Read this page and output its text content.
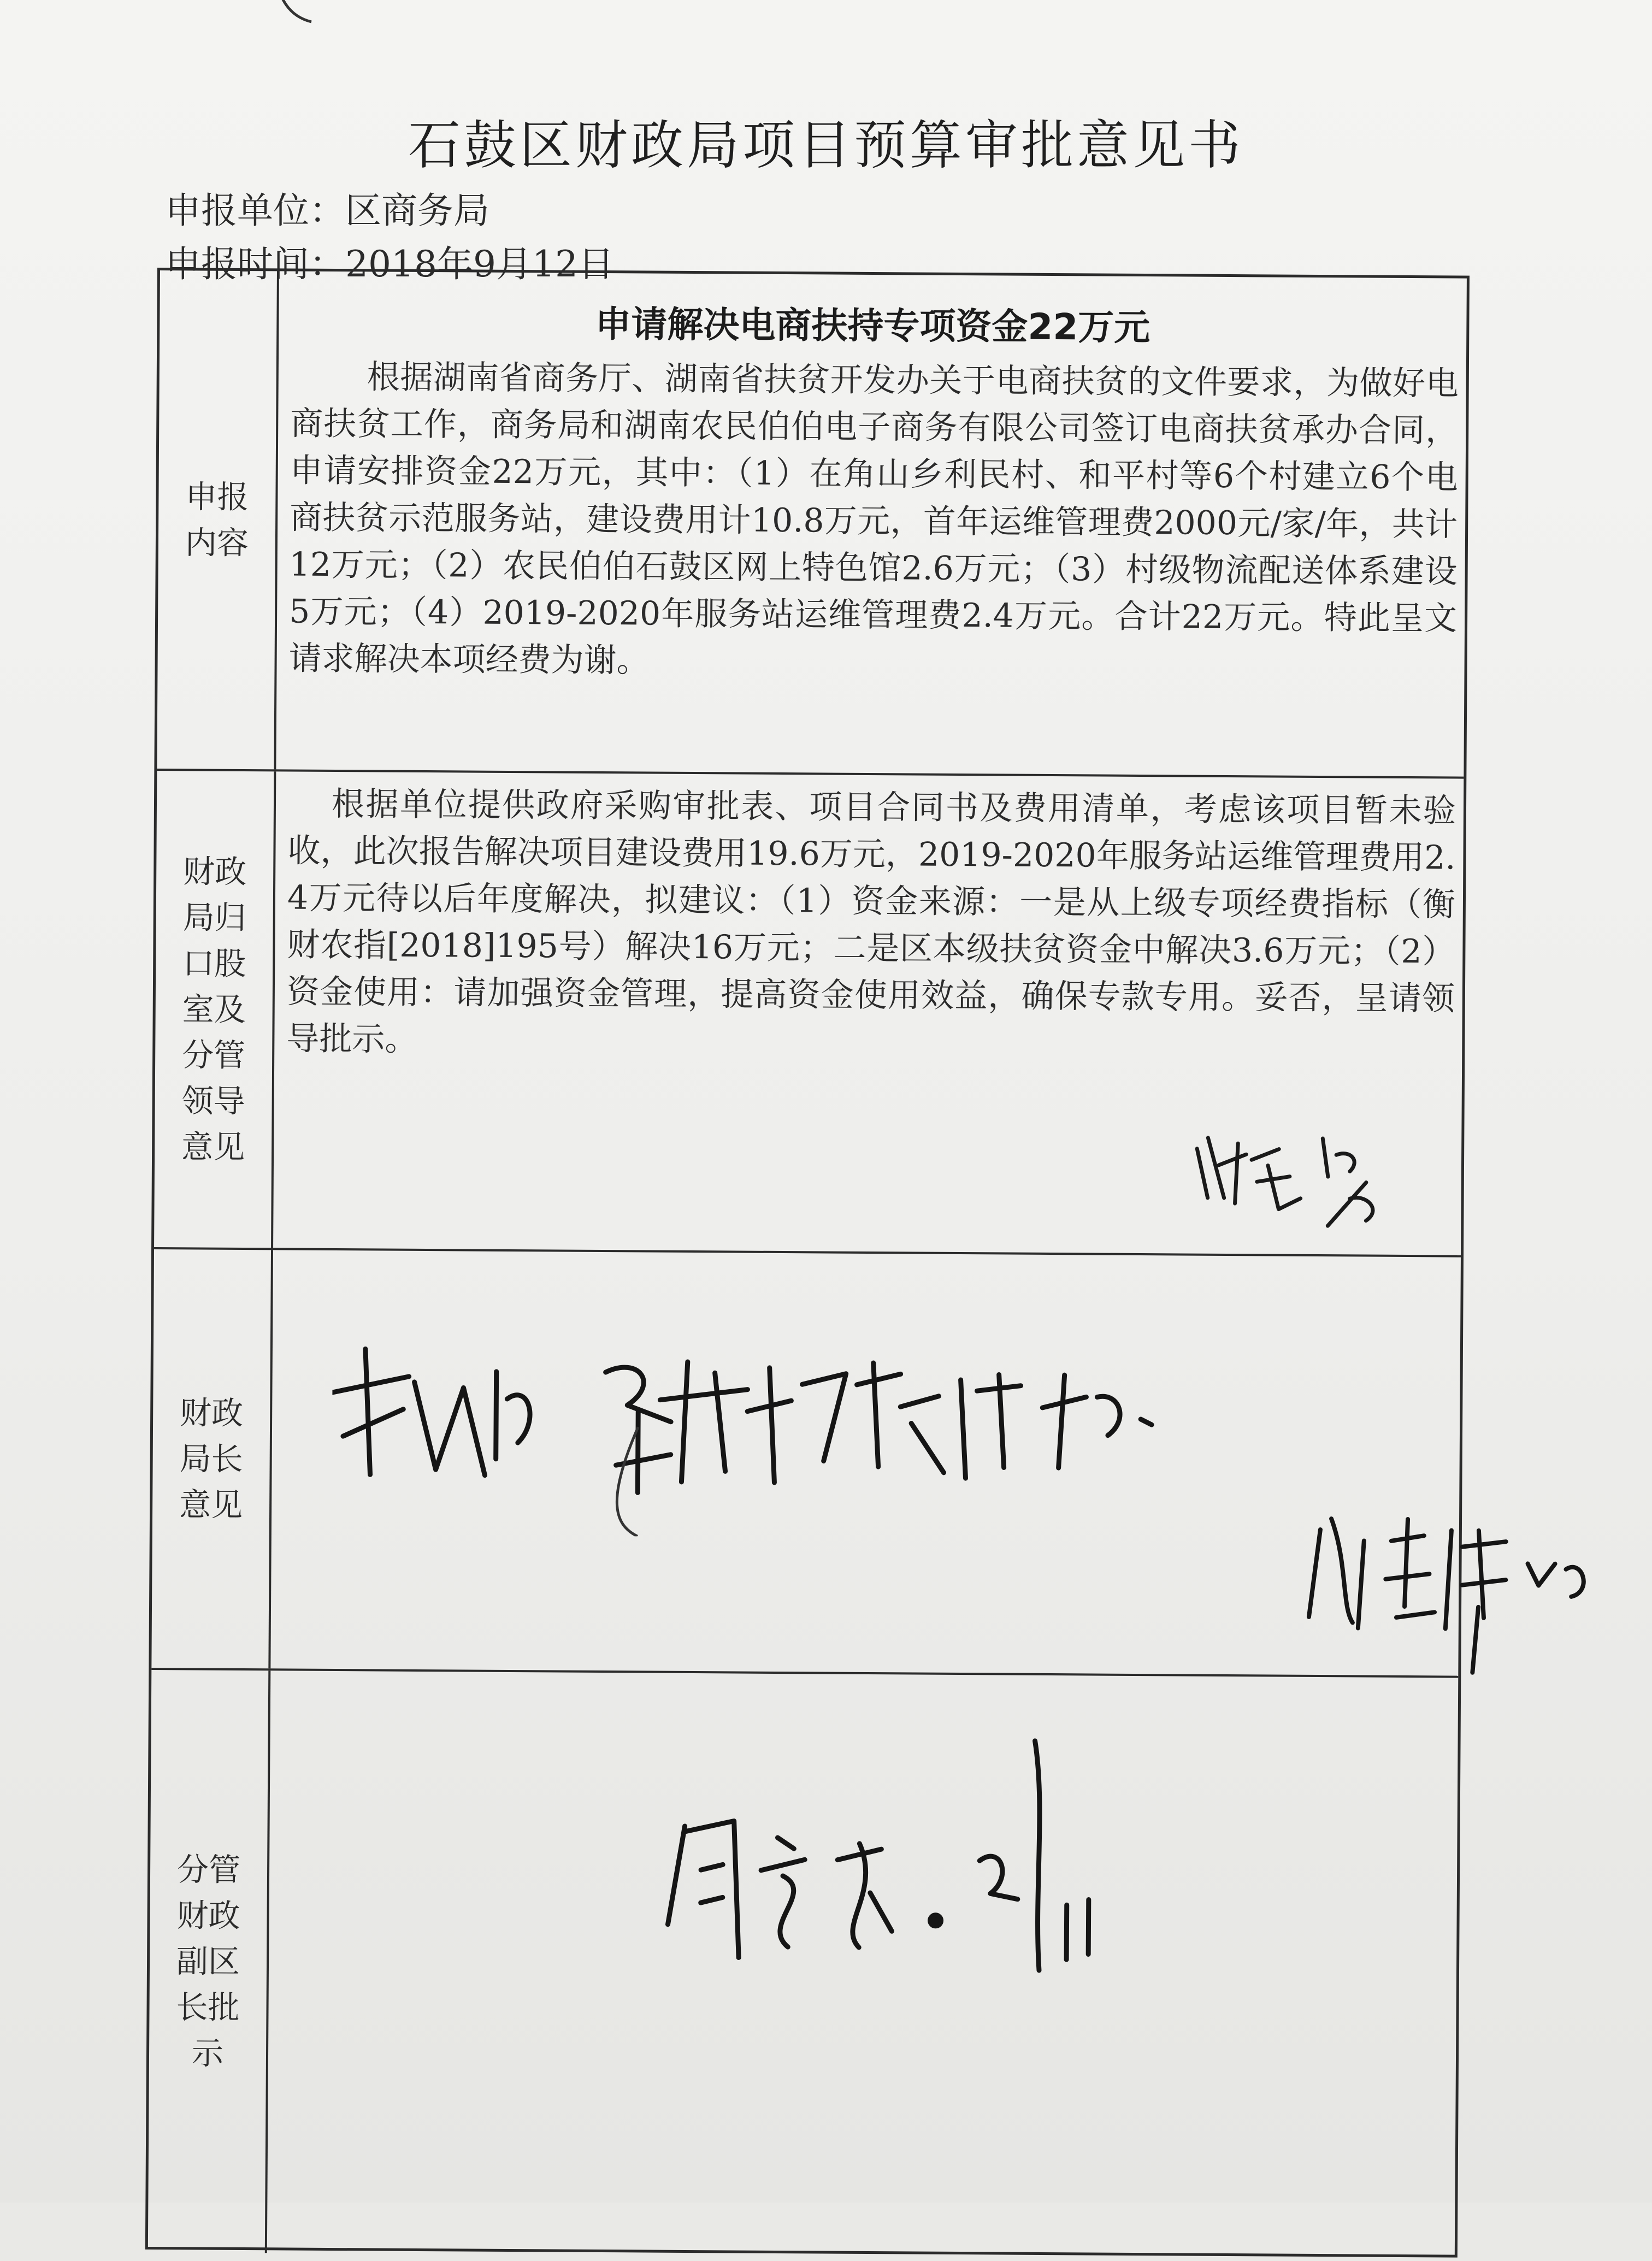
石鼓区财政局项目预算审批意见书
申报单位：区商务局
申报时间：2018年9月12日
申报内容
申请解决电商扶持专项资金22万元
根据湖南省商务厅、湖南省扶贫开发办关于电商扶贫的文件要求，为做好电商扶贫工作，商务局和湖南农民伯伯电子商务有限公司签订电商扶贫承办合同，申请安排资金22万元，其中：（1）在角山乡利民村、和平村等6个村建立6个电商扶贫示范服务站，建设费用计10.8万元，首年运维管理费2000元/家/年，共计12万元；（2）农民伯伯石鼓区网上特色馆2.6万元；（3）村级物流配送体系建设5万元；（4）2019-2020年服务站运维管理费2.4万元。合计22万元。特此呈文请求解决本项经费为谢。
财政局归口股室及分管领导意见
根据单位提供政府采购审批表、项目合同书及费用清单，考虑该项目暂未验收，此次报告解决项目建设费用19.6万元，2019-2020年服务站运维管理费用2.4万元待以后年度解决，拟建议：（1）资金来源：一是从上级专项经费指标（衡财农指[2018]195号）解决16万元；二是区本级扶贫资金中解决3.6万元；（2）资金使用：请加强资金管理，提高资金使用效益，确保专款专用。妥否，呈请领导批示。
财政局长意见
分管财政副区长批示
